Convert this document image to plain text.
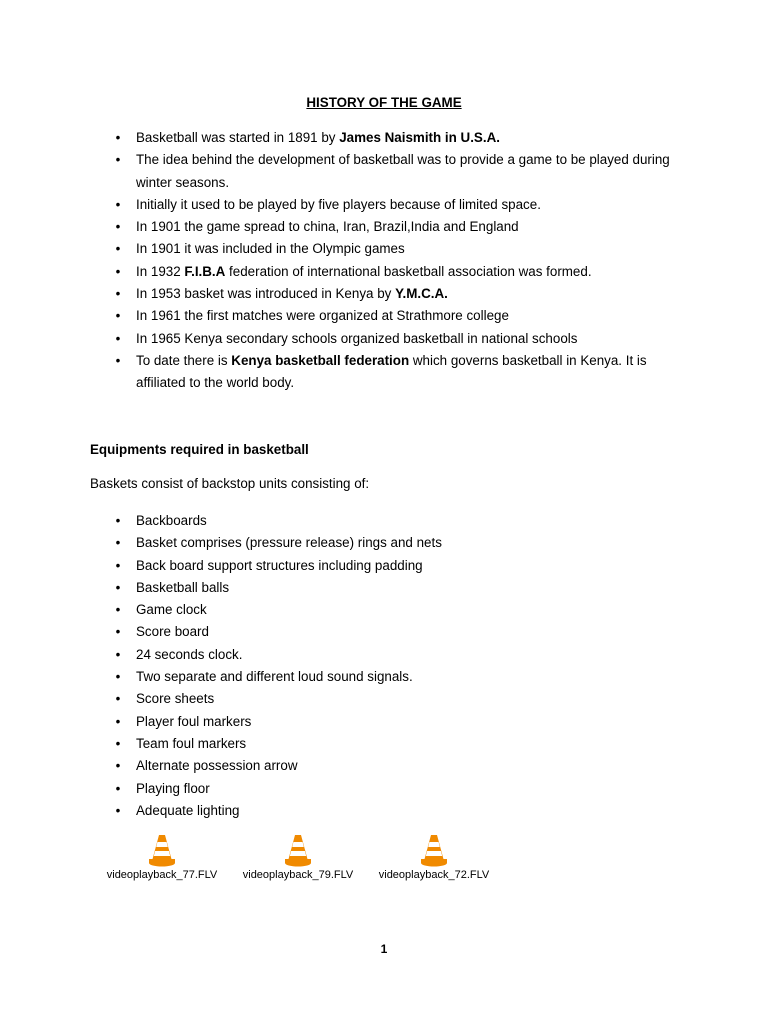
HISTORY OF THE GAME
• Basketball was started in 1891 by James Naismith in U.S.A.
• The idea behind the development of basketball was to provide a game to be played during winter seasons.
• Initially it used to be played by five players because of limited space.
• In 1901 the game spread to china, Iran, Brazil,India and England
• In 1901 it was included in the Olympic games
• In 1932 F.I.B.A federation of international basketball association was formed.
• In 1953 basket was introduced in Kenya by Y.M.C.A.
• In 1961 the first matches were organized at Strathmore college
• In 1965 Kenya secondary schools organized basketball in national schools
• To date there is Kenya basketball federation which governs basketball in Kenya. It is affiliated to the world body.
Equipments required in basketball
Baskets consist of backstop units consisting of:
• Backboards
• Basket comprises (pressure release) rings and nets
• Back board support structures including padding
• Basketball balls
• Game clock
• Score board
• 24 seconds clock.
• Two separate and different loud sound signals.
• Score sheets
• Player foul markers
• Team foul markers
• Alternate possession arrow
• Playing floor
• Adequate lighting
videoplayback_77.FLV	videoplayback_79.FLV	videoplayback_72.FLV
1
